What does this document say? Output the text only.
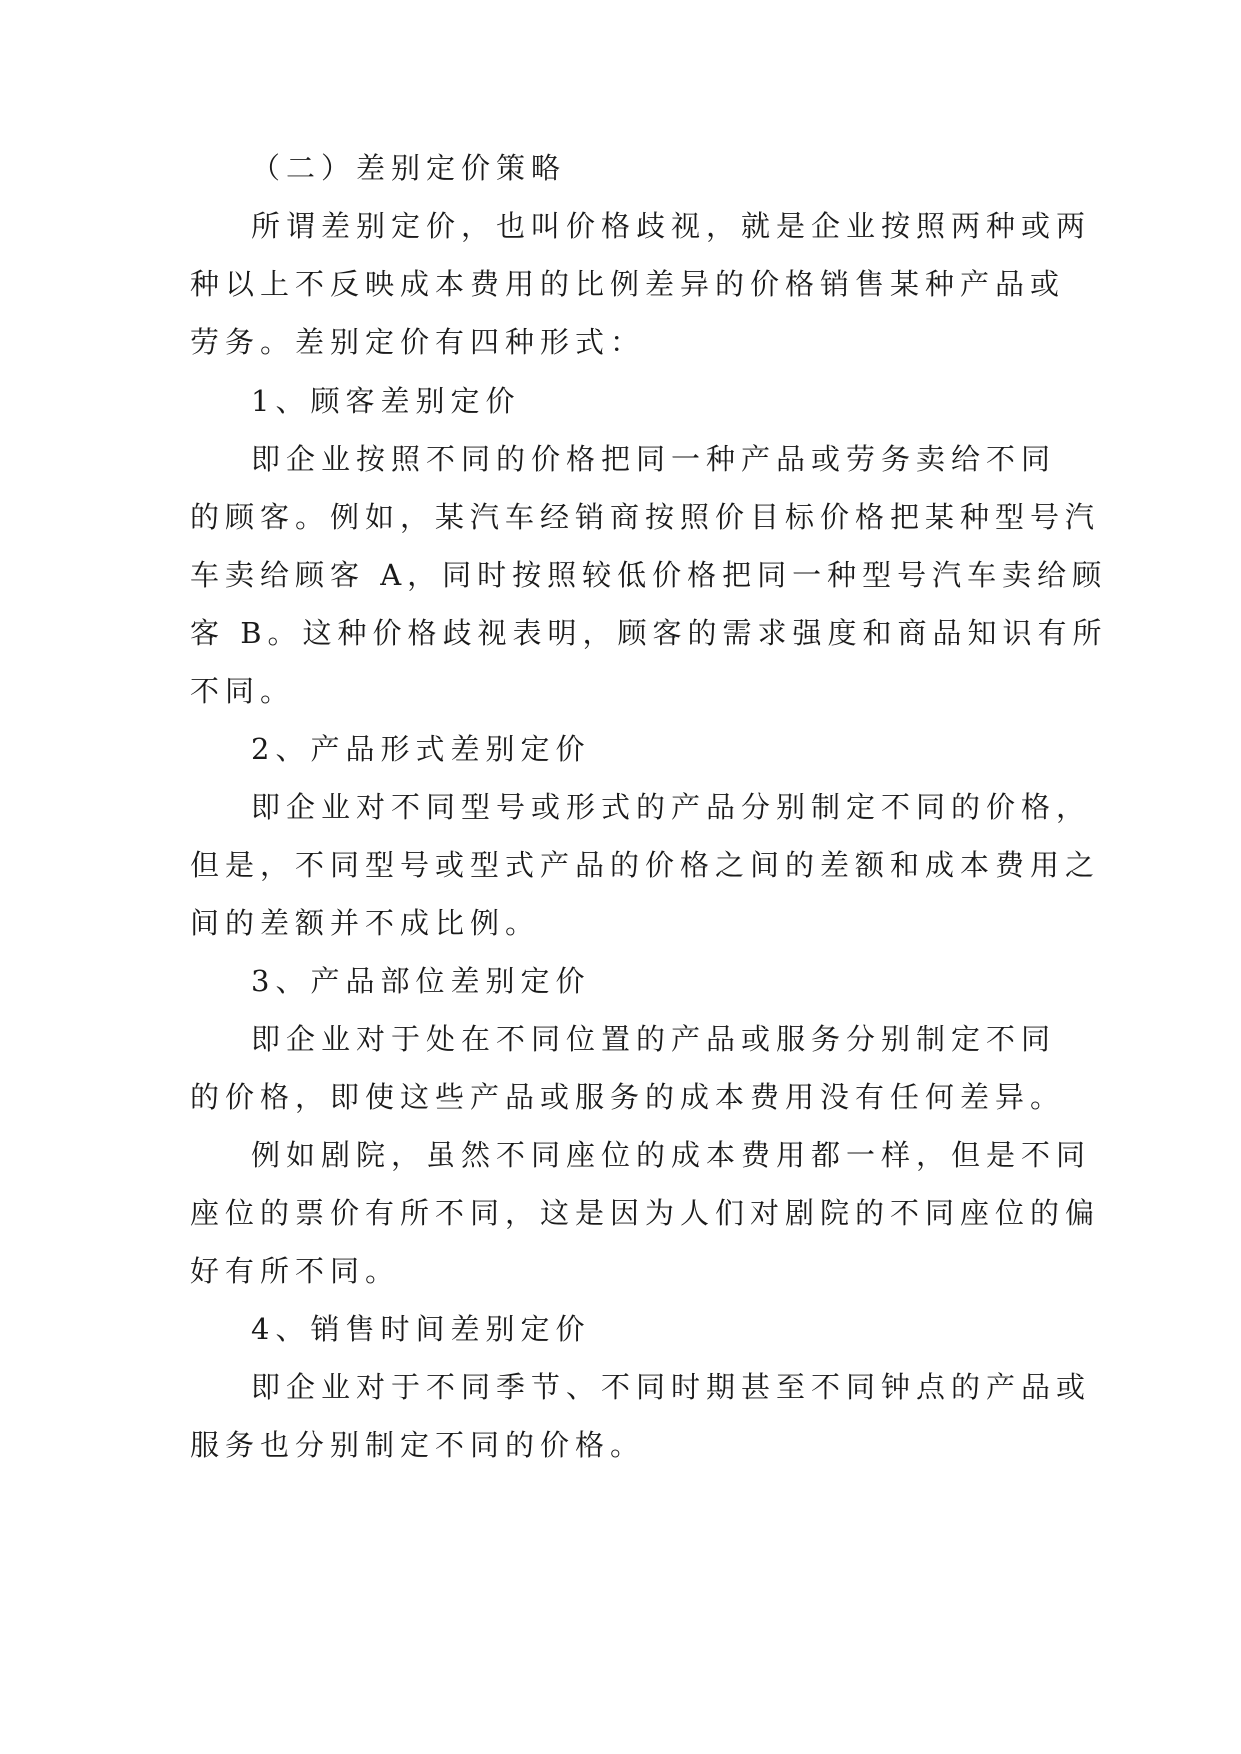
（二）差别定价策略
所谓差别定价，也叫价格歧视，就是企业按照两种或两
种以上不反映成本费用的比例差异的价格销售某种产品或
劳务。差别定价有四种形式：
1、顾客差别定价
即企业按照不同的价格把同一种产品或劳务卖给不同
的顾客。例如，某汽车经销商按照价目标价格把某种型号汽
车卖给顾客 A，同时按照较低价格把同一种型号汽车卖给顾
客 B。这种价格歧视表明，顾客的需求强度和商品知识有所
不同。
2、产品形式差别定价
即企业对不同型号或形式的产品分别制定不同的价格，
但是，不同型号或型式产品的价格之间的差额和成本费用之
间的差额并不成比例。
3、产品部位差别定价
即企业对于处在不同位置的产品或服务分别制定不同
的价格，即使这些产品或服务的成本费用没有任何差异。
例如剧院，虽然不同座位的成本费用都一样，但是不同
座位的票价有所不同，这是因为人们对剧院的不同座位的偏
好有所不同。
4、销售时间差别定价
即企业对于不同季节、不同时期甚至不同钟点的产品或
服务也分别制定不同的价格。
